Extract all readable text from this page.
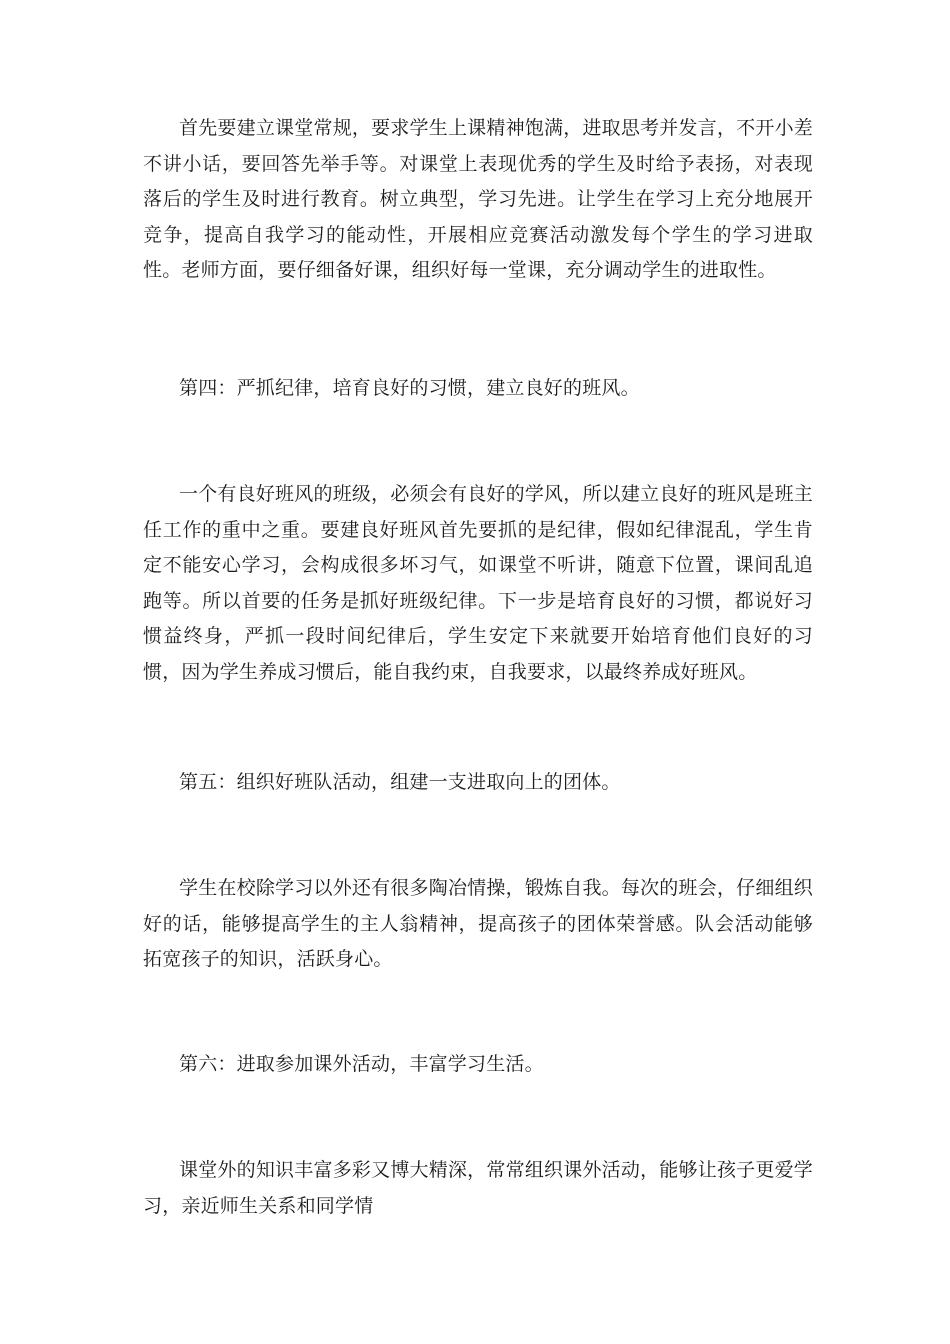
首先要建立课堂常规，要求学生上课精神饱满，进取思考并发言，不开小差不讲小话，要回答先举手等。对课堂上表现优秀的学生及时给予表扬，对表现落后的学生及时进行教育。树立典型，学习先进。让学生在学习上充分地展开竞争，提高自我学习的能动性，开展相应竞赛活动激发每个学生的学习进取性。老师方面，要仔细备好课，组织好每一堂课，充分调动学生的进取性。

第四：严抓纪律，培育良好的习惯，建立良好的班风。

一个有良好班风的班级，必须会有良好的学风，所以建立良好的班风是班主任工作的重中之重。要建良好班风首先要抓的是纪律，假如纪律混乱，学生肯定不能安心学习，会构成很多坏习气，如课堂不听讲，随意下位置，课间乱追跑等。所以首要的任务是抓好班级纪律。下一步是培育良好的习惯，都说好习惯益终身，严抓一段时间纪律后，学生安定下来就要开始培育他们良好的习惯，因为学生养成习惯后，能自我约束，自我要求，以最终养成好班风。

第五：组织好班队活动，组建一支进取向上的团体。

学生在校除学习以外还有很多陶冶情操，锻炼自我。每次的班会，仔细组织好的话，能够提高学生的主人翁精神，提高孩子的团体荣誉感。队会活动能够拓宽孩子的知识，活跃身心。

第六：进取参加课外活动，丰富学习生活。

课堂外的知识丰富多彩又博大精深，常常组织课外活动，能够让孩子更爱学习，亲近师生关系和同学情
